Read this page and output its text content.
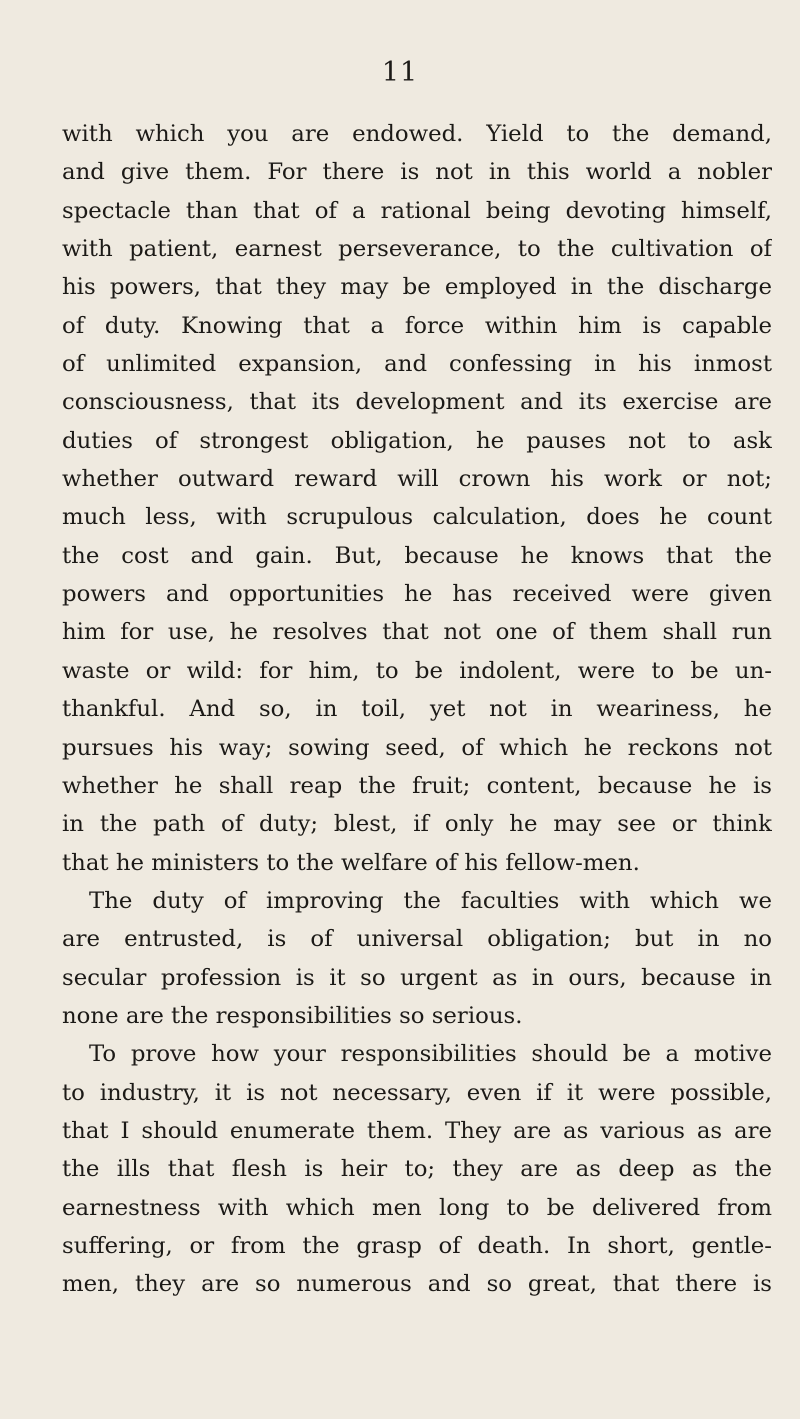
11
with which you are endowed. Yield to the demand,
and give them. For there is not in this world a nobler
spectacle than that of a rational being devoting himself,
with patient, earnest perseverance, to the cultivation of
his powers, that they may be employed in the discharge
of duty. Knowing that a force within him is capable
of unlimited expansion, and confessing in his inmost
consciousness, that its development and its exercise are
duties of strongest obligation, he pauses not to ask
whether outward reward will crown his work or not;
much less, with scrupulous calculation, does he count
the cost and gain. But, because he knows that the
powers and opportunities he has received were given
him for use, he resolves that not one of them shall run
waste or wild: for him, to be indolent, were to be un-
thankful. And so, in toil, yet not in weariness, he
pursues his way; sowing seed, of which he reckons not
whether he shall reap the fruit; content, because he is
in the path of duty; blest, if only he may see or think
that he ministers to the welfare of his fellow-men.
The duty of improving the faculties with which we
are entrusted, is of universal obligation; but in no
secular profession is it so urgent as in ours, because in
none are the responsibilities so serious.
To prove how your responsibilities should be a motive
to industry, it is not necessary, even if it were possible,
that I should enumerate them. They are as various as are
the ills that flesh is heir to; they are as deep as the
earnestness with which men long to be delivered from
suffering, or from the grasp of death. In short, gentle-
men, they are so numerous and so great, that there is
